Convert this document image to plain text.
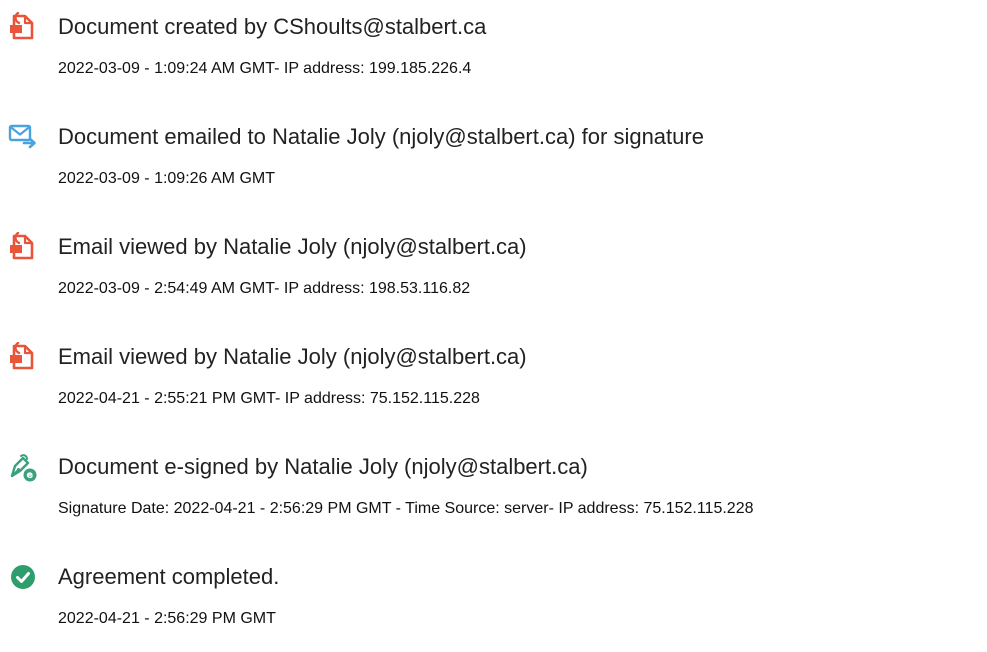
Document created by CShoults@stalbert.ca
2022-03-09 - 1:09:24 AM GMT- IP address: 199.185.226.4
Document emailed to Natalie Joly (njoly@stalbert.ca) for signature
2022-03-09 - 1:09:26 AM GMT
Email viewed by Natalie Joly (njoly@stalbert.ca)
2022-03-09 - 2:54:49 AM GMT- IP address: 198.53.116.82
Email viewed by Natalie Joly (njoly@stalbert.ca)
2022-04-21 - 2:55:21 PM GMT- IP address: 75.152.115.228
Document e-signed by Natalie Joly (njoly@stalbert.ca)
Signature Date: 2022-04-21 - 2:56:29 PM GMT - Time Source: server- IP address: 75.152.115.228
Agreement completed.
2022-04-21 - 2:56:29 PM GMT
